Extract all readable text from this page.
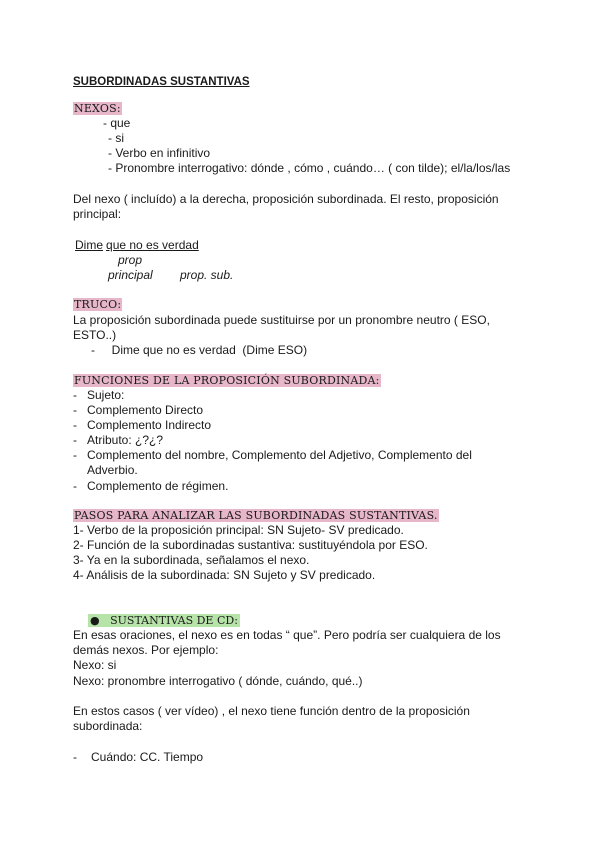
SUBORDINADAS SUSTANTIVAS
NEXOS:
- que
- si
- Verbo en infinitivo
- Pronombre interrogativo: dónde , cómo , cuándo… ( con tilde); el/la/los/las
Del nexo ( incluído) a la derecha, proposición subordinada. El resto, proposición
principal:
Dime que no es verdad
prop
principal prop. sub.
TRUCO:
La proposición subordinada puede sustituirse por un pronombre neutro ( ESO,
ESTO..)
-     Dime que no es verdad  (Dime ESO)
FUNCIONES DE LA PROPOSICIÓN SUBORDINADA:
- Sujeto:
- Complemento Directo
- Complemento Indirecto
- Atributo: ¿?¿?
- Complemento del nombre, Complemento del Adjetivo, Complemento del
Adverbio.
- Complemento de régimen.
PASOS PARA ANALIZAR LAS SUBORDINADAS SUSTANTIVAS.
1- Verbo de la proposición principal: SN Sujeto- SV predicado.
2- Función de la subordinadas sustantiva: sustituyéndola por ESO.
3- Ya en la subordinada, señalamos el nexo.
4- Análisis de la subordinada: SN Sujeto y SV predicado.
● SUSTANTIVAS DE CD:
En esas oraciones, el nexo es en todas “ que”. Pero podría ser cualquiera de los
demás nexos. Por ejemplo:
Nexo: si
Nexo: pronombre interrogativo ( dónde, cuándo, qué..)
En estos casos ( ver vídeo) , el nexo tiene función dentro de la proposición
subordinada:
- Cuándo: CC. Tiempo
